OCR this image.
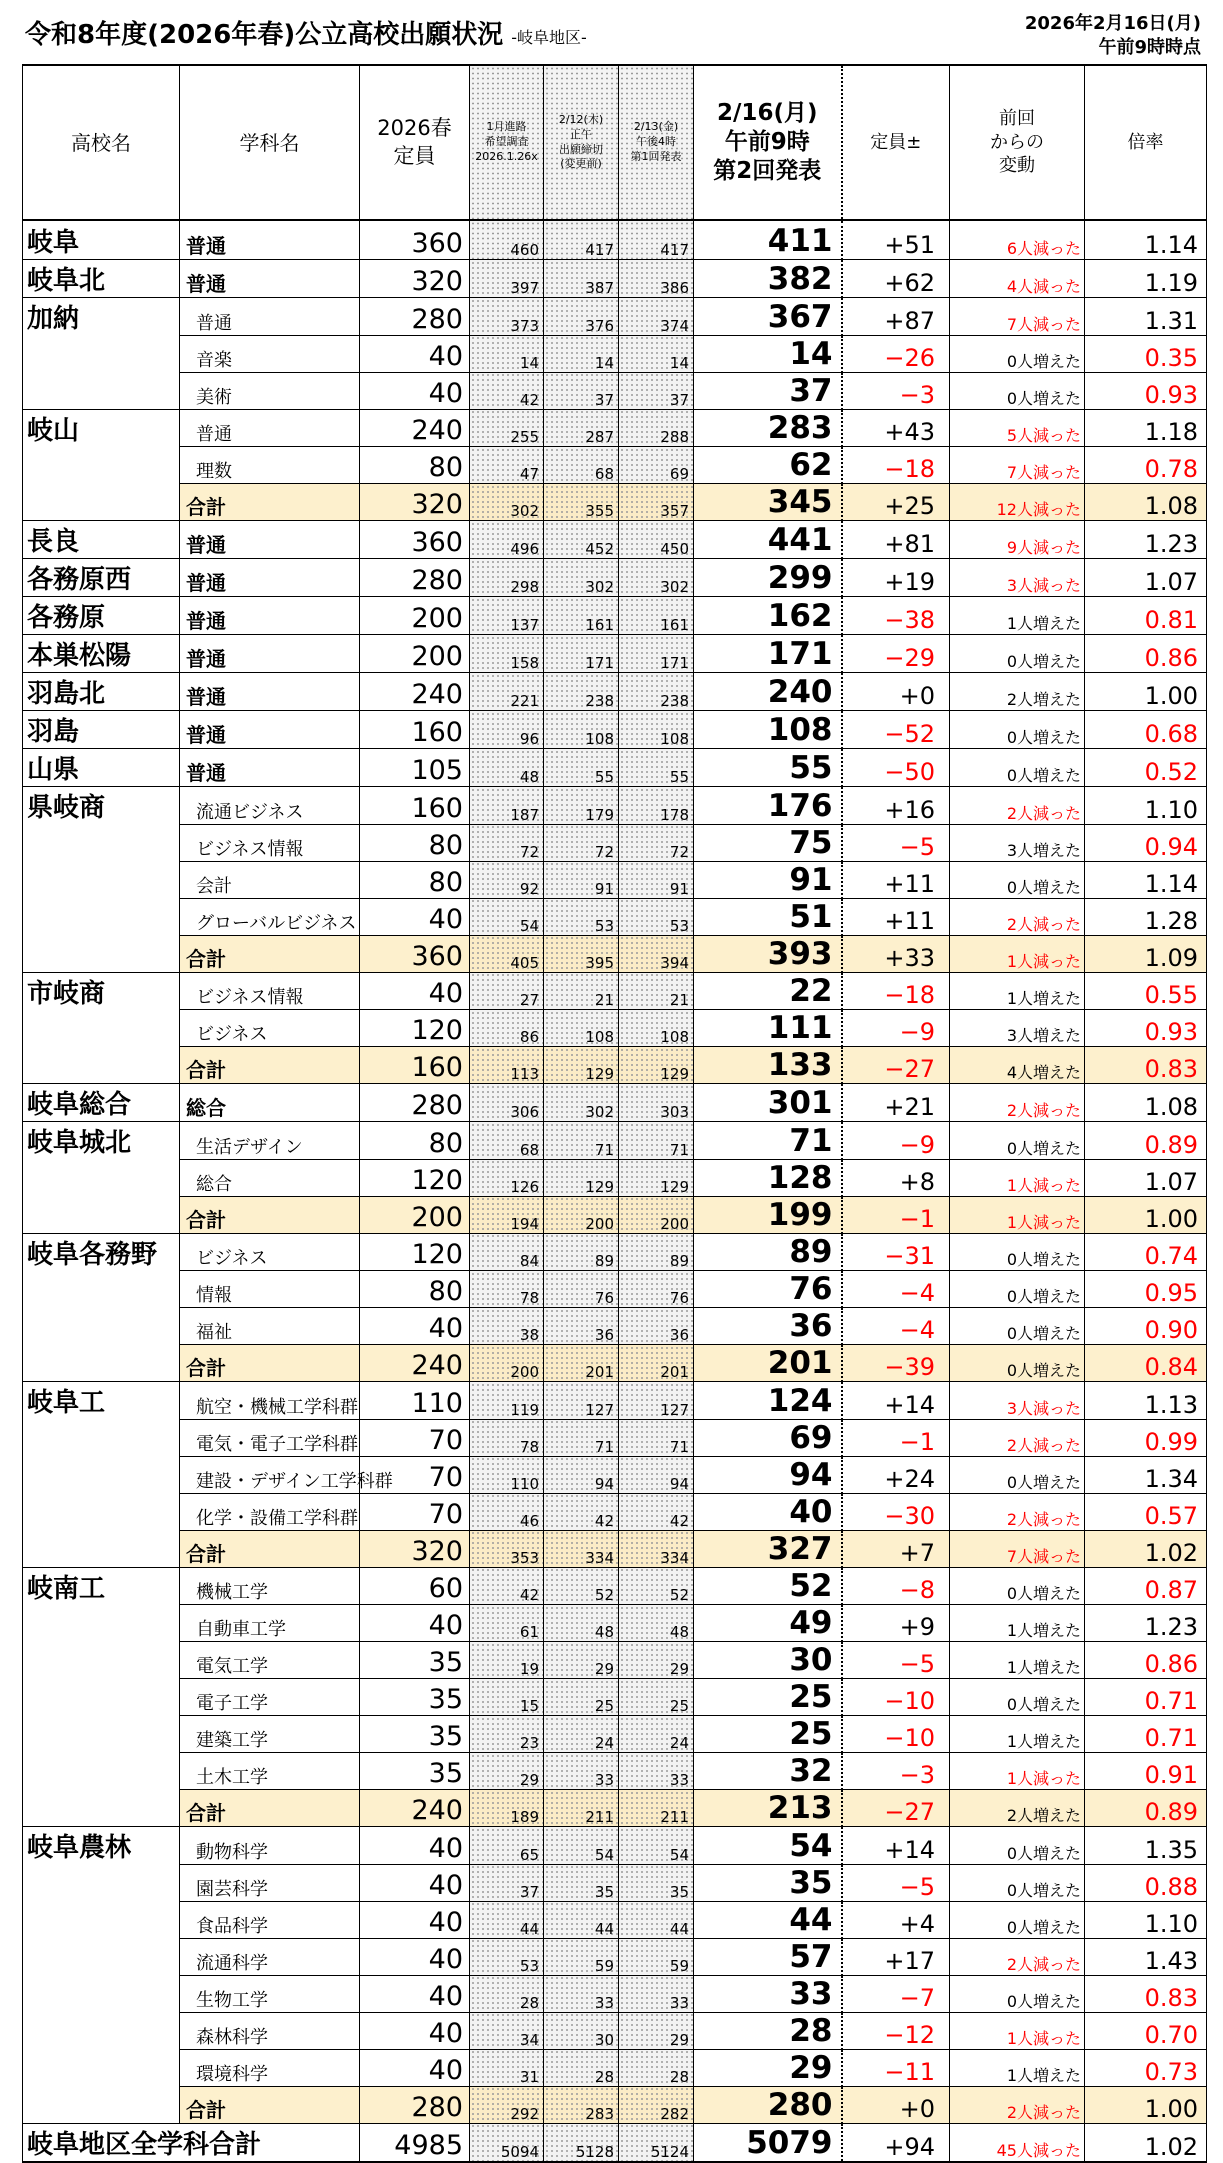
令和8年度(2026年春)公立高校出願状況 -岐阜地区-
2026年2月16日(月)
午前9時時点
高校名	学科名	2026春
定員	1月進路
希望調査
2026.1.26x	2/12(木)
正午
出願締切
(変更前)	2/13(金)
午後4時
第1回発表	2/16(月)
午前9時
第2回発表	定員±	前回
からの
変動	倍率
岐阜	普通	360	460	417	417	411	+51	6人減った	1.14
岐阜北	普通	320	397	387	386	382	+62	4人減った	1.19
加納	普通	280	373	376	374	367	+87	7人減った	1.31
	音楽	40	14	14	14	14	−26	0人増えた	0.35
	美術	40	42	37	37	37	−3	0人増えた	0.93
岐山	普通	240	255	287	288	283	+43	5人減った	1.18
	理数	80	47	68	69	62	−18	7人減った	0.78
	合計	320	302	355	357	345	+25	12人減った	1.08
長良	普通	360	496	452	450	441	+81	9人減った	1.23
各務原西	普通	280	298	302	302	299	+19	3人減った	1.07
各務原	普通	200	137	161	161	162	−38	1人増えた	0.81
本巣松陽	普通	200	158	171	171	171	−29	0人増えた	0.86
羽島北	普通	240	221	238	238	240	+0	2人増えた	1.00
羽島	普通	160	96	108	108	108	−52	0人増えた	0.68
山県	普通	105	48	55	55	55	−50	0人増えた	0.52
県岐商	流通ビジネス	160	187	179	178	176	+16	2人減った	1.10
	ビジネス情報	80	72	72	72	75	−5	3人増えた	0.94
	会計	80	92	91	91	91	+11	0人増えた	1.14
	グローバルビジネス	40	54	53	53	51	+11	2人減った	1.28
	合計	360	405	395	394	393	+33	1人減った	1.09
市岐商	ビジネス情報	40	27	21	21	22	−18	1人増えた	0.55
	ビジネス	120	86	108	108	111	−9	3人増えた	0.93
	合計	160	113	129	129	133	−27	4人増えた	0.83
岐阜総合	総合	280	306	302	303	301	+21	2人減った	1.08
岐阜城北	生活デザイン	80	68	71	71	71	−9	0人増えた	0.89
	総合	120	126	129	129	128	+8	1人減った	1.07
	合計	200	194	200	200	199	−1	1人減った	1.00
岐阜各務野	ビジネス	120	84	89	89	89	−31	0人増えた	0.74
	情報	80	78	76	76	76	−4	0人増えた	0.95
	福祉	40	38	36	36	36	−4	0人増えた	0.90
	合計	240	200	201	201	201	−39	0人増えた	0.84
岐阜工	航空・機械工学科群	110	119	127	127	124	+14	3人減った	1.13
	電気・電子工学科群	70	78	71	71	69	−1	2人減った	0.99
	建設・デザイン工学科群	70	110	94	94	94	+24	0人増えた	1.34
	化学・設備工学科群	70	46	42	42	40	−30	2人減った	0.57
	合計	320	353	334	334	327	+7	7人減った	1.02
岐南工	機械工学	60	42	52	52	52	−8	0人増えた	0.87
	自動車工学	40	61	48	48	49	+9	1人増えた	1.23
	電気工学	35	19	29	29	30	−5	1人増えた	0.86
	電子工学	35	15	25	25	25	−10	0人増えた	0.71
	建築工学	35	23	24	24	25	−10	1人増えた	0.71
	土木工学	35	29	33	33	32	−3	1人減った	0.91
	合計	240	189	211	211	213	−27	2人増えた	0.89
岐阜農林	動物科学	40	65	54	54	54	+14	0人増えた	1.35
	園芸科学	40	37	35	35	35	−5	0人増えた	0.88
	食品科学	40	44	44	44	44	+4	0人増えた	1.10
	流通科学	40	53	59	59	57	+17	2人減った	1.43
	生物工学	40	28	33	33	33	−7	0人増えた	0.83
	森林科学	40	34	30	29	28	−12	1人減った	0.70
	環境科学	40	31	28	28	29	−11	1人増えた	0.73
	合計	280	292	283	282	280	+0	2人減った	1.00
岐阜地区全学科合計		4985	5094	5128	5124	5079	+94	45人減った	1.02
